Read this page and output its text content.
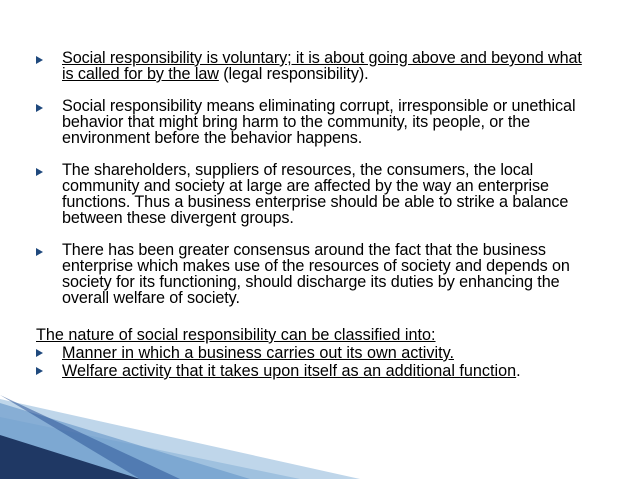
Social responsibility is voluntary; it is about going above and beyond what is called for by the law (legal responsibility).
Social responsibility means eliminating corrupt, irresponsible or unethical behavior that might bring harm to the community, its people, or the environment before the behavior happens.
The shareholders, suppliers of resources, the consumers, the local community and society at large are affected by the way an enterprise functions. Thus a business enterprise should be able to strike a balance between these divergent groups.
There has been greater consensus around the fact that the business enterprise which makes use of the resources of society and depends on society for its functioning, should discharge its duties by enhancing the overall welfare of society.
The nature of social responsibility can be classified into:
Manner in which a business carries out its own activity.
Welfare activity that it takes upon itself as an additional function.
